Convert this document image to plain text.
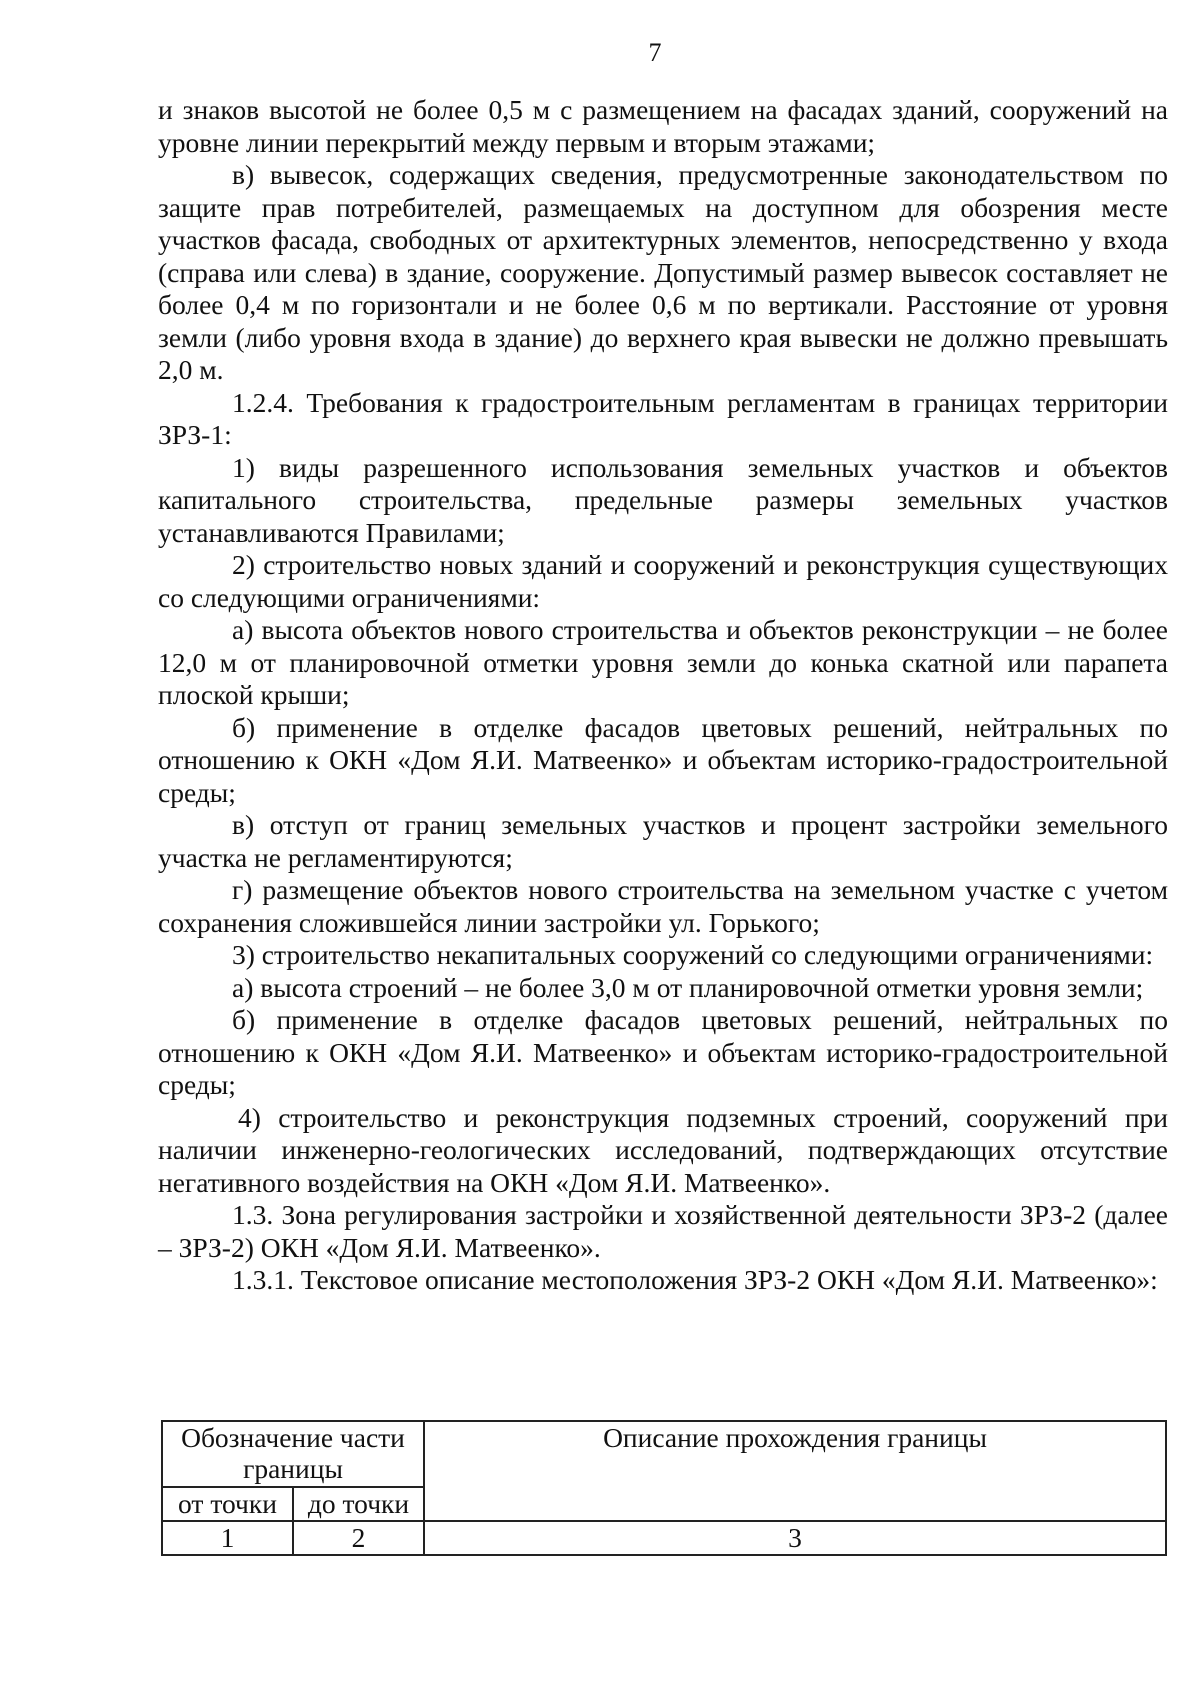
7

и знаков высотой не более 0,5 м с размещением на фасадах зданий, сооружений на уровне линии перекрытий между первым и вторым этажами;

в) вывесок, содержащих сведения, предусмотренные законодательством по защите прав потребителей, размещаемых на доступном для обозрения месте участков фасада, свободных от архитектурных элементов, непосредственно у входа (справа или слева) в здание, сооружение. Допустимый размер вывесок составляет не более 0,4 м по горизонтали и не более 0,6 м по вертикали. Расстояние от уровня земли (либо уровня входа в здание) до верхнего края вывески не должно превышать 2,0 м.

1.2.4. Требования к градостроительным регламентам в границах территории ЗРЗ-1:

1) виды разрешенного использования земельных участков и объектов капитального строительства, предельные размеры земельных участков устанавливаются Правилами;

2) строительство новых зданий и сооружений и реконструкция существующих со следующими ограничениями:

а) высота объектов нового строительства и объектов реконструкции – не более 12,0 м от планировочной отметки уровня земли до конька скатной или парапета плоской крыши;

б) применение в отделке фасадов цветовых решений, нейтральных по отношению к ОКН «Дом Я.И. Матвеенко» и объектам историко-градостроительной среды;

в) отступ от границ земельных участков и процент застройки земельного участка не регламентируются;

г) размещение объектов нового строительства на земельном участке с учетом сохранения сложившейся линии застройки ул. Горького;

3) строительство некапитальных сооружений со следующими ограничениями:

а) высота строений – не более 3,0 м от планировочной отметки уровня земли;

б) применение в отделке фасадов цветовых решений, нейтральных по отношению к ОКН «Дом Я.И. Матвеенко» и объектам историко-градостроительной среды;

4) строительство и реконструкция подземных строений, сооружений при наличии инженерно-геологических исследований, подтверждающих отсутствие негативного воздействия на ОКН «Дом Я.И. Матвеенко».

1.3. Зона регулирования застройки и хозяйственной деятельности ЗРЗ-2 (далее – ЗРЗ-2) ОКН «Дом Я.И. Матвеенко».

1.3.1. Текстовое описание местоположения ЗРЗ-2 ОКН «Дом Я.И. Матвеенко»:

Обозначение части границы		Описание прохождения границы
от точки	до точки	
1	2	3
